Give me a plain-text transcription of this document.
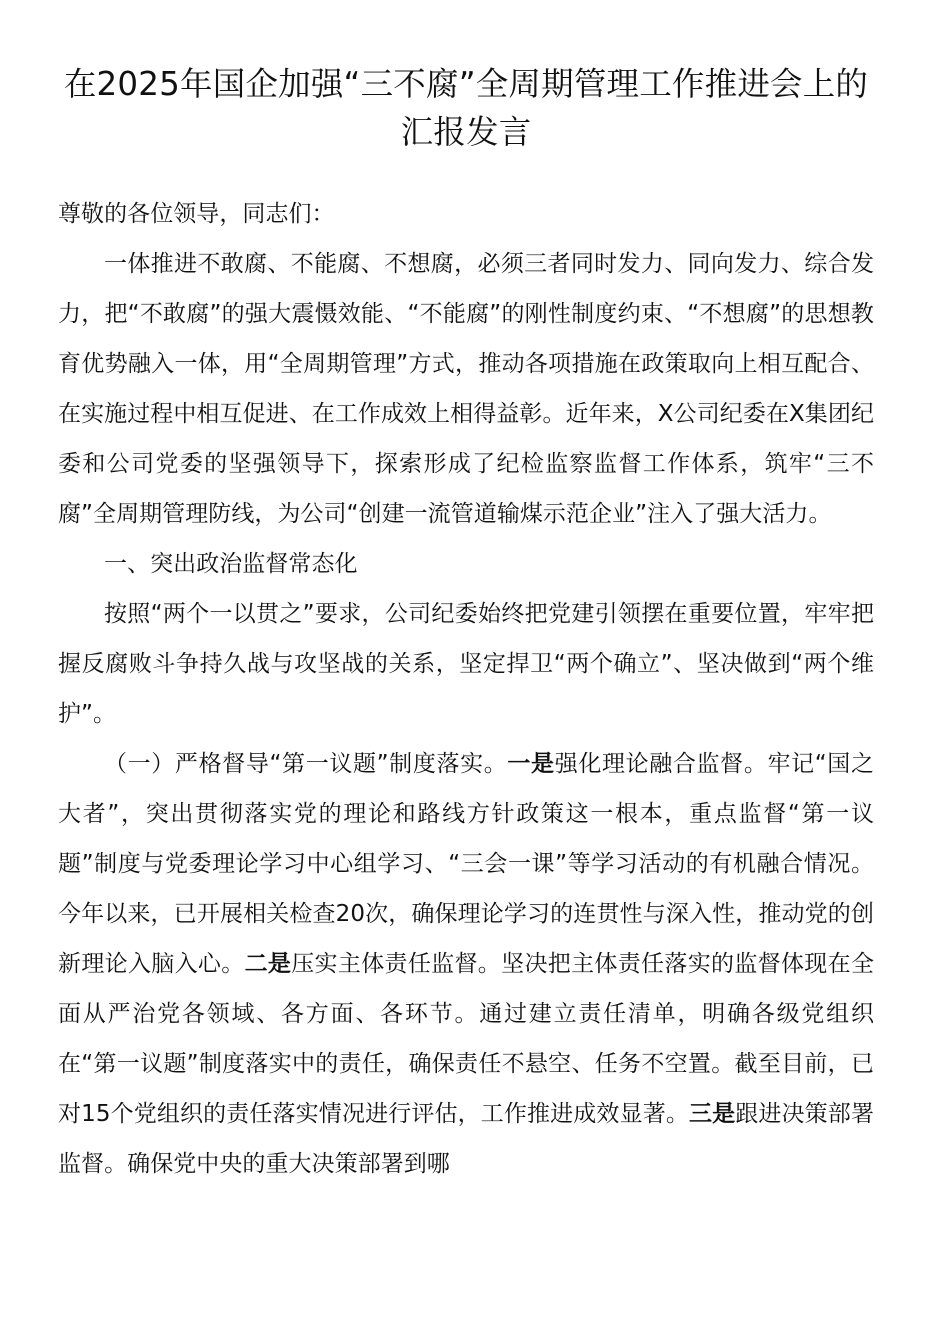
在2025年国企加强“三不腐”全周期管理工作推进会上的汇报发言

尊敬的各位领导，同志们：

一体推进不敢腐、不能腐、不想腐，必须三者同时发力、同向发力、综合发力，把“不敢腐”的强大震慑效能、“不能腐”的刚性制度约束、“不想腐”的思想教育优势融入一体，用“全周期管理”方式，推动各项措施在政策取向上相互配合、在实施过程中相互促进、在工作成效上相得益彰。近年来，X公司纪委在X集团纪委和公司党委的坚强领导下，探索形成了纪检监察监督工作体系，筑牢“三不腐”全周期管理防线，为公司“创建一流管道输煤示范企业”注入了强大活力。

一、突出政治监督常态化

按照“两个一以贯之”要求，公司纪委始终把党建引领摆在重要位置，牢牢把握反腐败斗争持久战与攻坚战的关系，坚定捍卫“两个确立”、坚决做到“两个维护”。

（一）严格督导“第一议题”制度落实。一是强化理论融合监督。牢记“国之大者”，突出贯彻落实党的理论和路线方针政策这一根本，重点监督“第一议题”制度与党委理论学习中心组学习、“三会一课”等学习活动的有机融合情况。今年以来，已开展相关检查20次，确保理论学习的连贯性与深入性，推动党的创新理论入脑入心。二是压实主体责任监督。坚决把主体责任落实的监督体现在全面从严治党各领域、各方面、各环节。通过建立责任清单，明确各级党组织在“第一议题”制度落实中的责任，确保责任不悬空、任务不空置。截至目前，已对15个党组织的责任落实情况进行评估，工作推进成效显著。三是跟进决策部署监督。确保党中央的重大决策部署到哪
